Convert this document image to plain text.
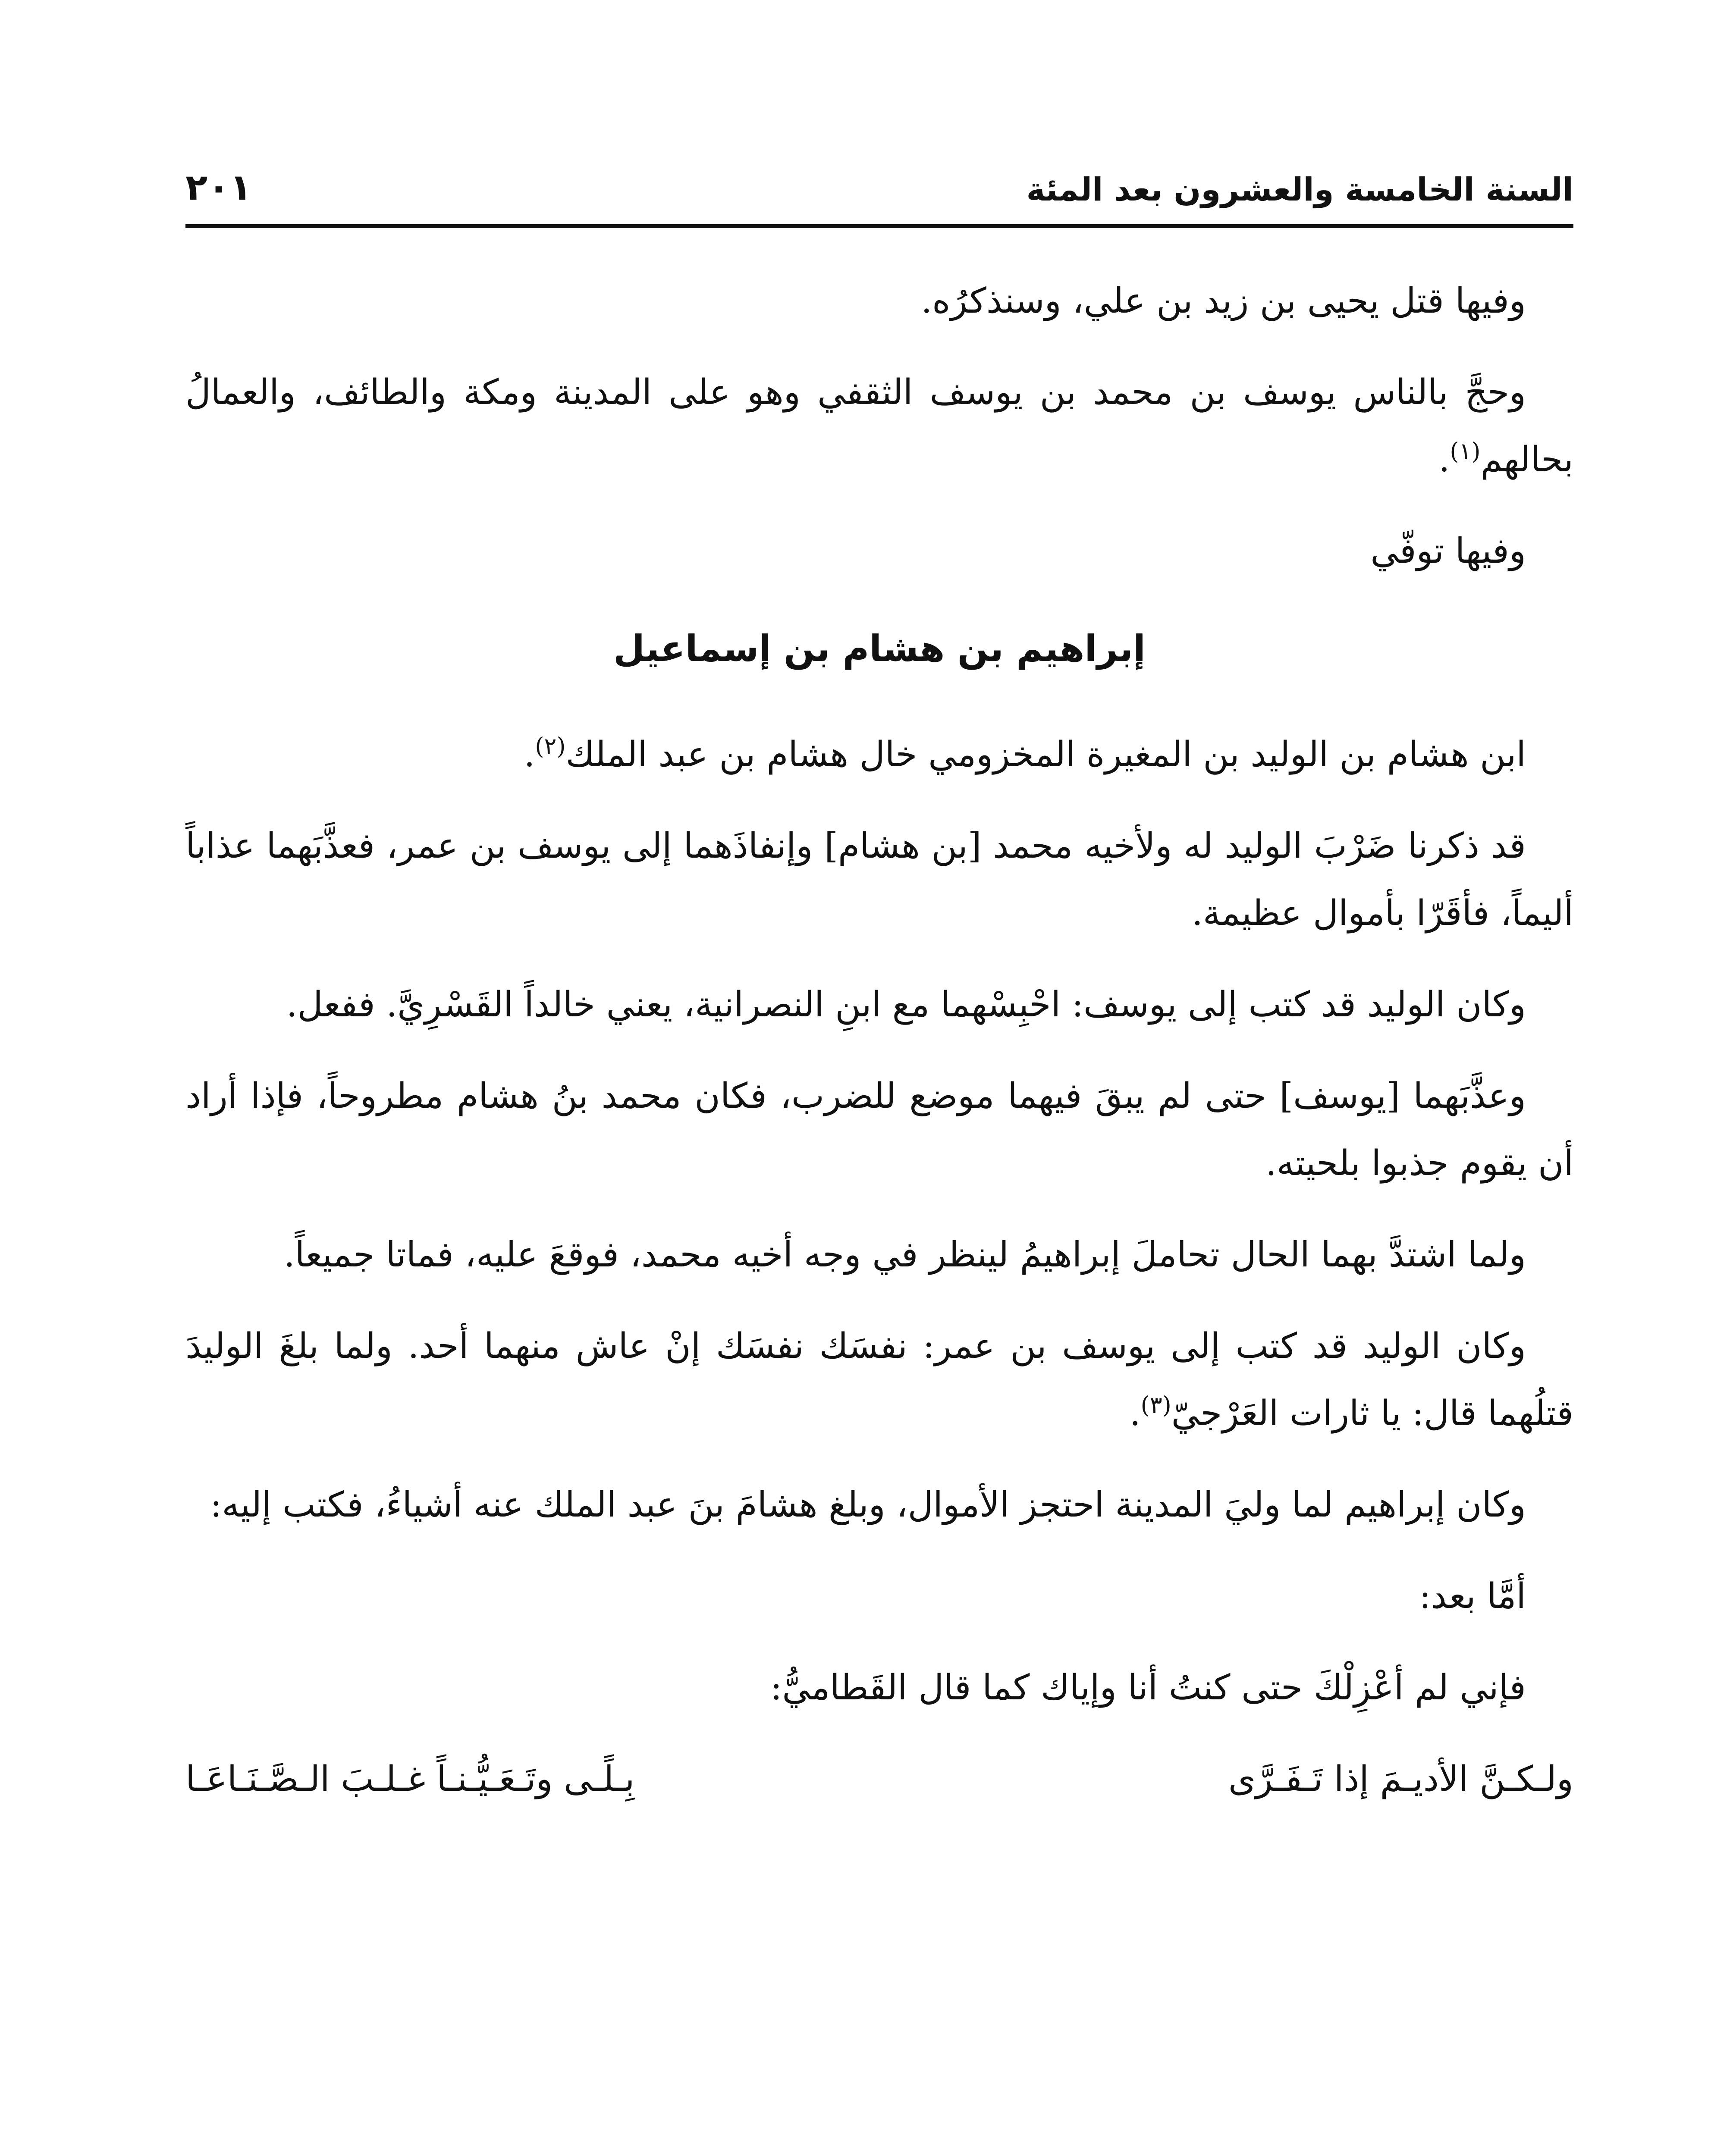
السنة الخامسة والعشرون بعد المئة
٢٠١

وفيها قتل يحيى بن زيد بن علي، وسنذكرُه.

وحجَّ بالناس يوسف بن محمد بن يوسف الثقفي وهو على المدينة ومكة والطائف، والعمالُ بحالهم$^{(١)}$.

وفيها توفّي

إبراهيم بن هشام بن إسماعيل

ابن هشام بن الوليد بن المغيرة المخزومي خال هشام بن عبد الملك$^{(٢)}$.

قد ذكرنا ضَرْبَ الوليد له ولأخيه محمد [بن هشام] وإنفاذَهما إلى يوسف بن عمر، فعذَّبَهما عذاباً أليماً، فأقَرّا بأموال عظيمة.

وكان الوليد قد كتب إلى يوسف: احْبِسْهما مع ابنِ النصرانية، يعني خالداً القَسْرِيَّ. ففعل.

وعذَّبَهما [يوسف] حتى لم يبقَ فيهما موضع للضرب، فكان محمد بنُ هشام مطروحاً، فإذا أراد أن يقوم جذبوا بلحيته.

ولما اشتدَّ بهما الحال تحاملَ إبراهيمُ لينظر في وجه أخيه محمد، فوقعَ عليه، فماتا جميعاً.

وكان الوليد قد كتب إلى يوسف بن عمر: نفسَك نفسَك إنْ عاش منهما أحد. ولما بلغَ الوليدَ قتلُهما قال: يا ثارات العَرْجيّ$^{(٣)}$.

وكان إبراهيم لما وليَ المدينة احتجز الأموال، وبلغ هشامَ بنَ عبد الملك عنه أشياءُ، فكتب إليه:

أمَّا بعد:

فإني لم أعْزِلْكَ حتى كنتُ أنا وإياك كما قال القَطاميُّ:

ولـكـنَّ الأديـمَ إذا تَـفَـرَّى
بِـلًـى وتَـعَـيُّـنـاً غـلـبَ الـصَّـنَـاعَـا
